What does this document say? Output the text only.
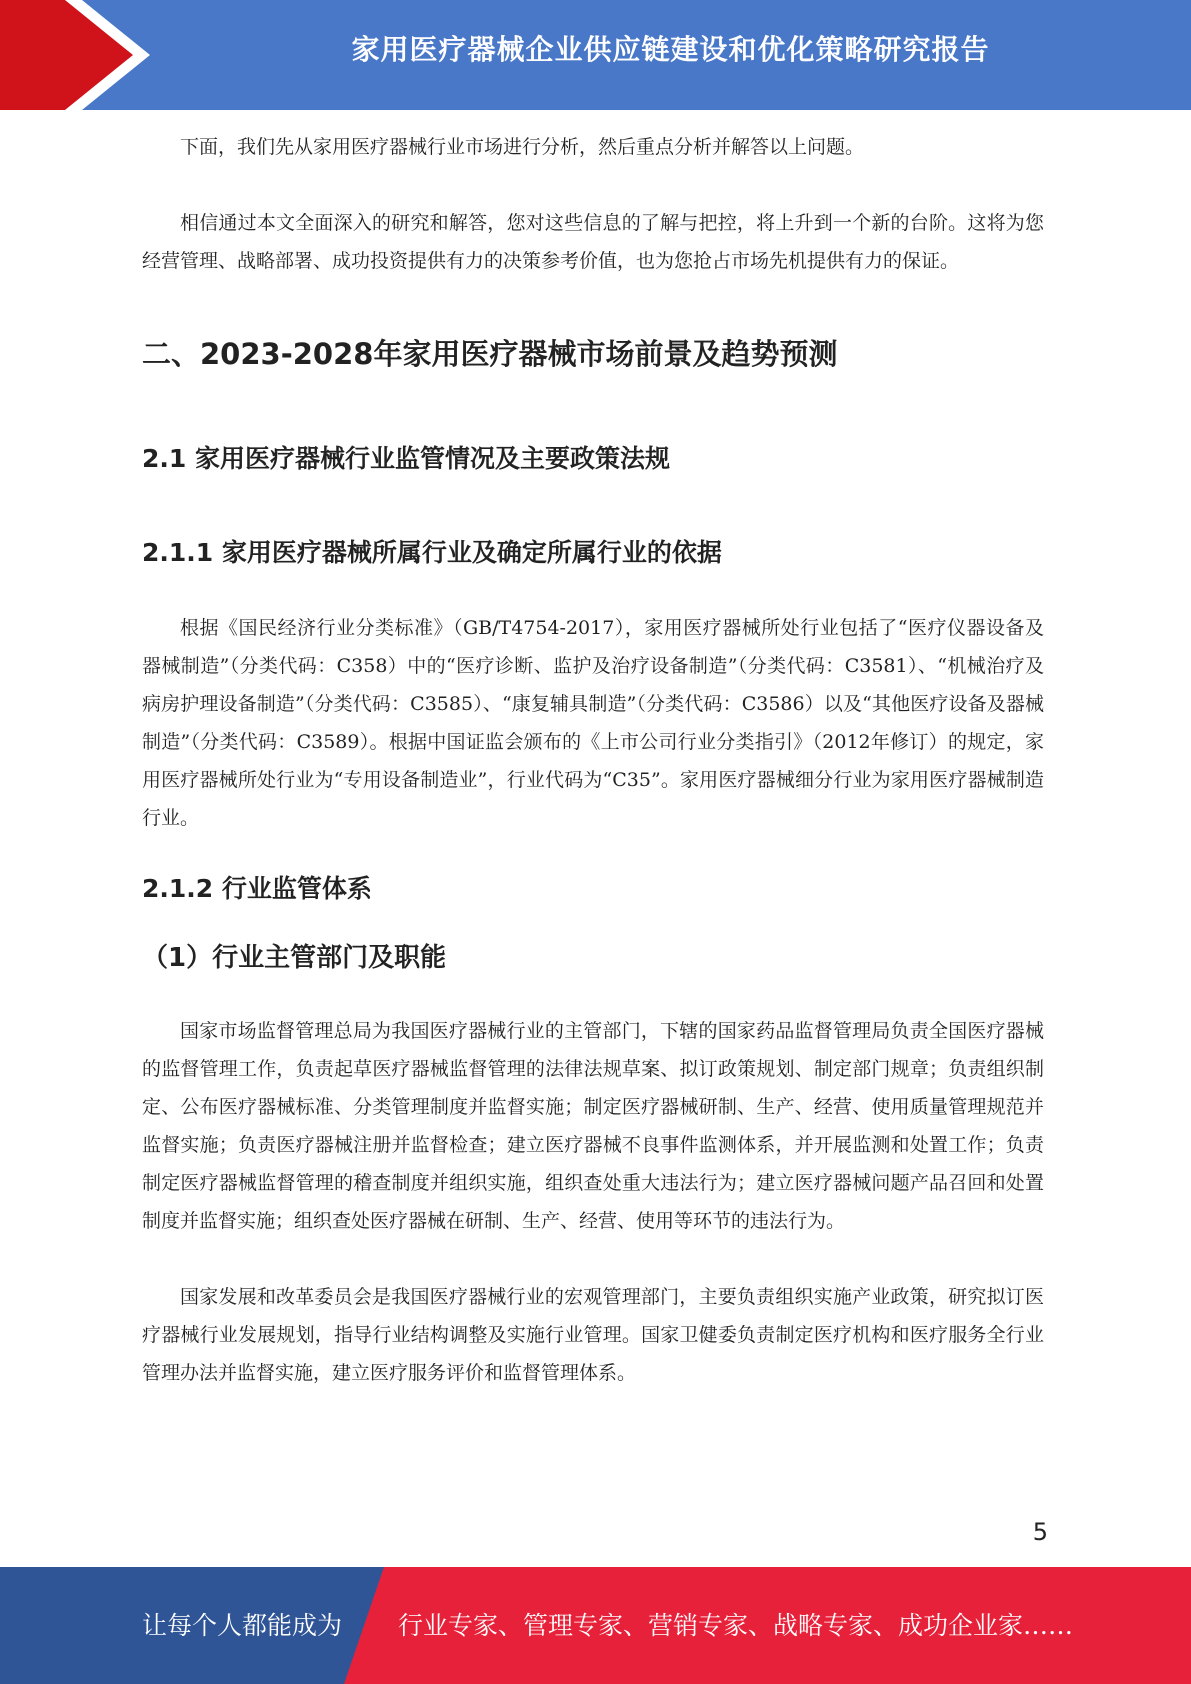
家用医疗器械企业供应链建设和优化策略研究报告

下面，我们先从家用医疗器械行业市场进行分析，然后重点分析并解答以上问题。

相信通过本文全面深入的研究和解答，您对这些信息的了解与把控，将上升到一个新的台阶。这将为您经营管理、战略部署、成功投资提供有力的决策参考价值，也为您抢占市场先机提供有力的保证。

二、2023-2028年家用医疗器械市场前景及趋势预测
2.1 家用医疗器械行业监管情况及主要政策法规
2.1.1 家用医疗器械所属行业及确定所属行业的依据

根据《国民经济行业分类标准》（GB/T4754-2017），家用医疗器械所处行业包括了“医疗仪器设备及器械制造”（分类代码：C358）中的“医疗诊断、监护及治疗设备制造”（分类代码：C3581）、“机械治疗及病房护理设备制造”（分类代码：C3585）、“康复辅具制造”（分类代码：C3586）以及“其他医疗设备及器械制造”（分类代码：C3589）。根据中国证监会颁布的《上市公司行业分类指引》（2012年修订）的规定，家用医疗器械所处行业为“专用设备制造业”，行业代码为“C35”。家用医疗器械细分行业为家用医疗器械制造行业。

2.1.2 行业监管体系
（1）行业主管部门及职能

国家市场监督管理总局为我国医疗器械行业的主管部门，下辖的国家药品监督管理局负责全国医疗器械的监督管理工作，负责起草医疗器械监督管理的法律法规草案、拟订政策规划、制定部门规章；负责组织制定、公布医疗器械标准、分类管理制度并监督实施；制定医疗器械研制、生产、经营、使用质量管理规范并监督实施；负责医疗器械注册并监督检查；建立医疗器械不良事件监测体系，并开展监测和处置工作；负责制定医疗器械监督管理的稽查制度并组织实施，组织查处重大违法行为；建立医疗器械问题产品召回和处置制度并监督实施；组织查处医疗器械在研制、生产、经营、使用等环节的违法行为。

国家发展和改革委员会是我国医疗器械行业的宏观管理部门，主要负责组织实施产业政策，研究拟订医疗器械行业发展规划，指导行业结构调整及实施行业管理。国家卫健委负责制定医疗机构和医疗服务全行业管理办法并监督实施，建立医疗服务评价和监督管理体系。

5
让每个人都能成为 行业专家、管理专家、营销专家、战略专家、成功企业家……
